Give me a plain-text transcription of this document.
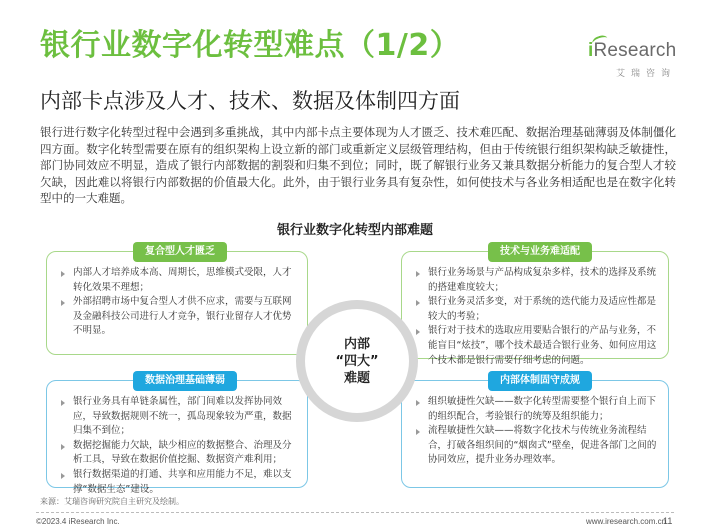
银行业数字化转型难点（1/2）
内部卡点涉及人才、技术、数据及体制四方面
iResearch
艾瑞咨询

银行进行数字化转型过程中会遇到多重挑战，其中内部卡点主要体现为人才匮乏、技术难匹配、数据治理基础薄弱及体制僵化四方面。数字化转型需要在原有的组织架构上设立新的部门或重新定义层级管理结构，但由于传统银行组织架构缺乏敏捷性，部门协同效应不明显，造成了银行内部数据的割裂和归集不到位；同时，既了解银行业务又兼具数据分析能力的复合型人才较欠缺，因此难以将银行内部数据的价值最大化。此外，由于银行业务具有复杂性，如何使技术与各业务相适配也是在数字化转型中的一大难题。

银行业数字化转型内部难题
复合型人才匮乏
内部人才培养成本高、周期长，思维模式受限，人才转化效果不理想；
外部招聘市场中复合型人才供不应求，需要与互联网及金融科技公司进行人才竞争，银行业留存人才优势不明显。
技术与业务难适配
银行业务场景与产品构成复杂多样，技术的选择及系统的搭建难度较大；
银行业务灵活多变，对于系统的迭代能力及适应性都是较大的考验；
银行对于技术的选取应用要贴合银行的产品与业务，不能盲目“炫技”，哪个技术最适合银行业务、如何应用这个技术都是银行需要仔细考虑的问题。
数据治理基础薄弱
银行业务具有单链条属性，部门间难以发挥协同效应，导致数据规则不统一，孤岛现象较为严重，数据归集不到位；
数据挖掘能力欠缺，缺少相应的数据整合、治理及分析工具，导致在数据价值挖掘、数据资产难利用；
银行数据渠道的打通、共享和应用能力不足，难以支撑“数据生态”建设。
内部体制固守成规
组织敏捷性欠缺——数字化转型需要整个银行自上而下的组织配合，考验银行的统筹及组织能力；
流程敏捷性欠缺——将数字化技术与传统业务流程结合，打破各组织间的“烟囱式”壁垒，促进各部门之间的协同效应，提升业务办理效率。
内部
“四大”
难题
来源：艾瑞咨询研究院自主研究及绘制。
©2023.4 iResearch Inc.	www.iresearch.com.cn
11
